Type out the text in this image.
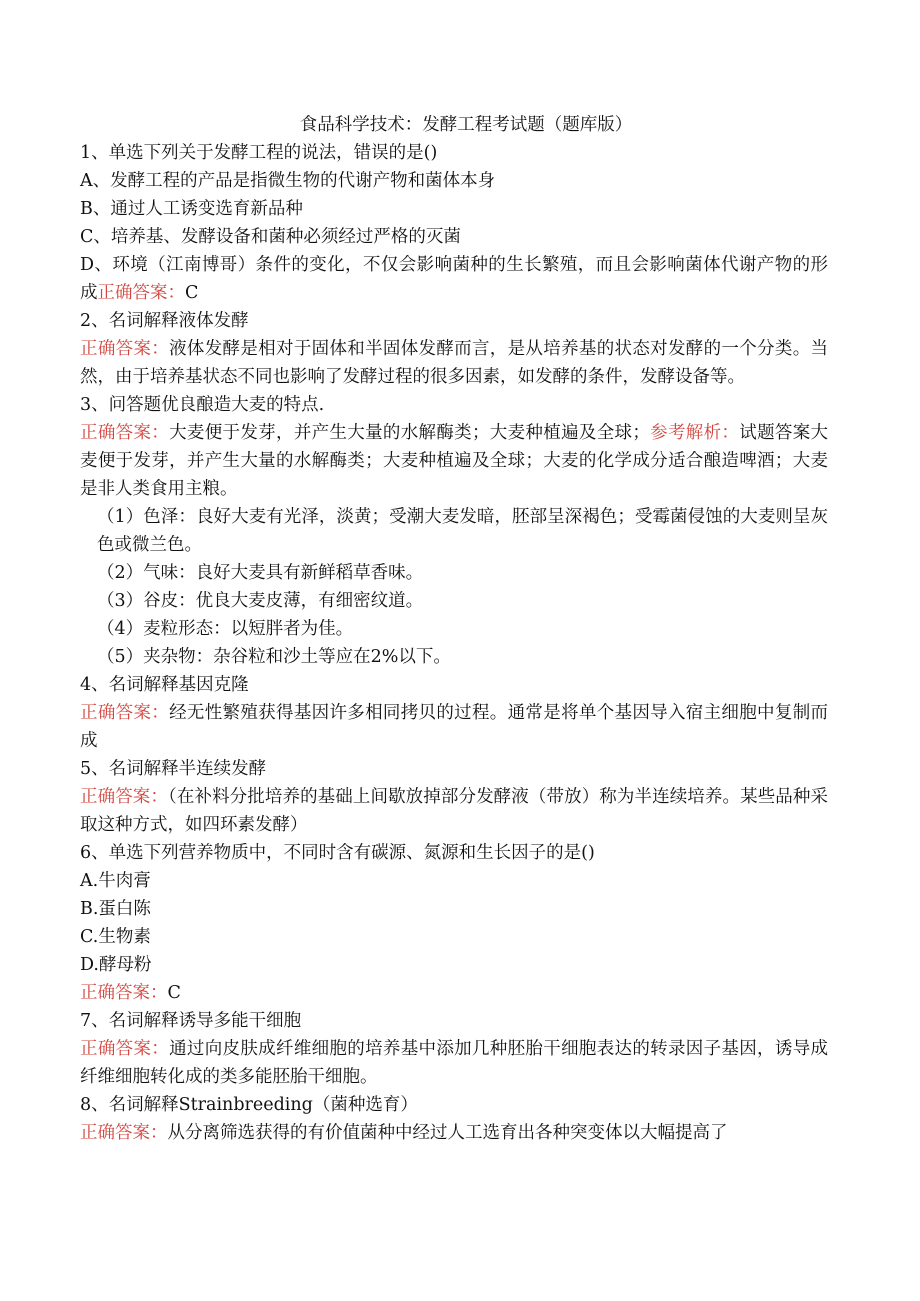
食品科学技术：发酵工程考试题（题库版）

1、单选下列关于发酵工程的说法，错误的是()

A、发酵工程的产品是指微生物的代谢产物和菌体本身

B、通过人工诱变选育新品种

C、培养基、发酵设备和菌种必须经过严格的灭菌

D、环境（江南博哥）条件的变化，不仅会影响菌种的生长繁殖，而且会影响菌体代谢产物的形成正确答案：C

2、名词解释液体发酵

正确答案：液体发酵是相对于固体和半固体发酵而言，是从培养基的状态对发酵的一个分类。当然，由于培养基状态不同也影响了发酵过程的很多因素，如发酵的条件，发酵设备等。

3、问答题优良酿造大麦的特点.

正确答案：大麦便于发芽，并产生大量的水解酶类；大麦种植遍及全球；参考解析：试题答案大麦便于发芽，并产生大量的水解酶类；大麦种植遍及全球；大麦的化学成分适合酿造啤酒；大麦是非人类食用主粮。

（1）色泽：良好大麦有光泽，淡黄；受潮大麦发暗，胚部呈深褐色；受霉菌侵蚀的大麦则呈灰色或微兰色。

（2）气味：良好大麦具有新鲜稻草香味。

（3）谷皮：优良大麦皮薄，有细密纹道。

（4）麦粒形态：以短胖者为佳。

（5）夹杂物：杂谷粒和沙土等应在2%以下。

4、名词解释基因克隆

正确答案：经无性繁殖获得基因许多相同拷贝的过程。通常是将单个基因导入宿主细胞中复制而成

5、名词解释半连续发酵

正确答案：（在补料分批培养的基础上间歇放掉部分发酵液（带放）称为半连续培养。某些品种采取这种方式，如四环素发酵）

6、单选下列营养物质中，不同时含有碳源、氮源和生长因子的是()

A.牛肉膏

B.蛋白陈

C.生物素

D.酵母粉

正确答案：C

7、名词解释诱导多能干细胞

正确答案：通过向皮肤成纤维细胞的培养基中添加几种胚胎干细胞表达的转录因子基因，诱导成纤维细胞转化成的类多能胚胎干细胞。

8、名词解释Strainbreeding（菌种选育）

正确答案：从分离筛选获得的有价值菌种中经过人工选育出各种突变体以大幅提高了
